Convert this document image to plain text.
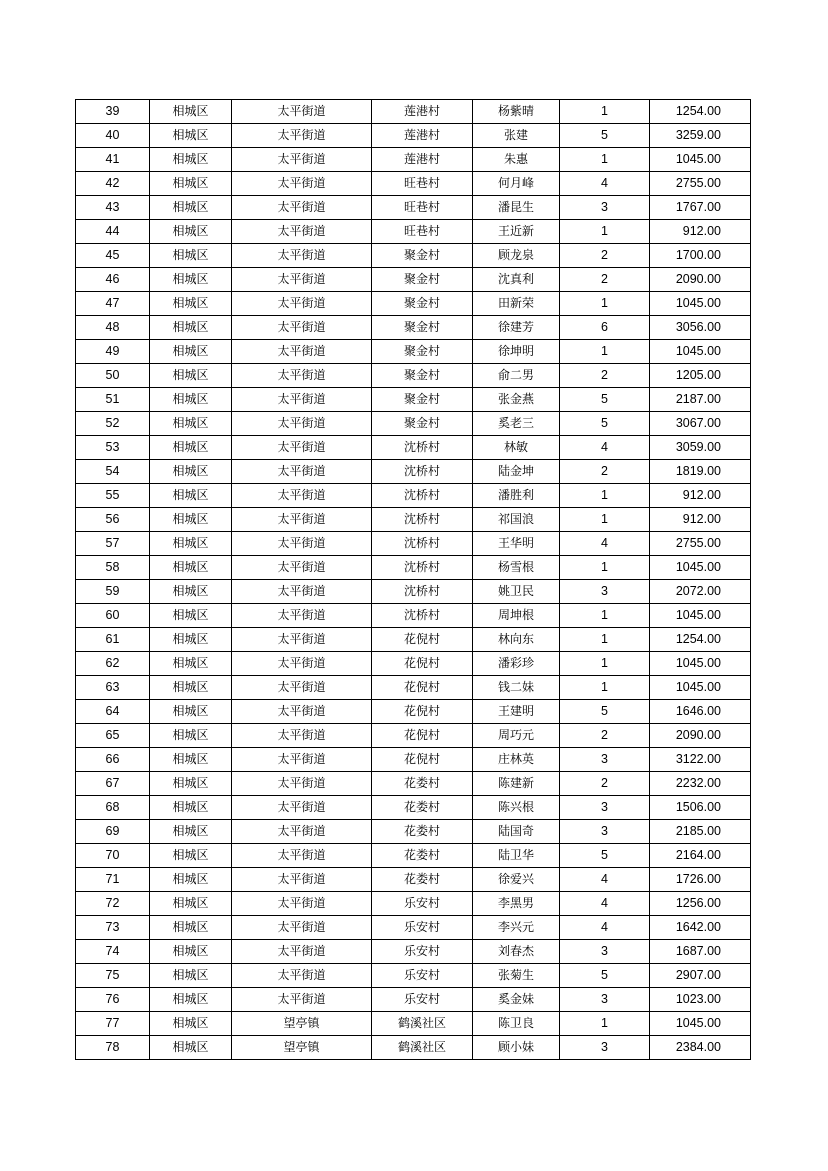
39	相城区	太平街道	莲港村	杨紫晴	1	1254.00
40	相城区	太平街道	莲港村	张建	5	3259.00
41	相城区	太平街道	莲港村	朱惠	1	1045.00
42	相城区	太平街道	旺巷村	何月峰	4	2755.00
43	相城区	太平街道	旺巷村	潘昆生	3	1767.00
44	相城区	太平街道	旺巷村	王近新	1	912.00
45	相城区	太平街道	聚金村	顾龙泉	2	1700.00
46	相城区	太平街道	聚金村	沈真利	2	2090.00
47	相城区	太平街道	聚金村	田新荣	1	1045.00
48	相城区	太平街道	聚金村	徐建芳	6	3056.00
49	相城区	太平街道	聚金村	徐坤明	1	1045.00
50	相城区	太平街道	聚金村	俞二男	2	1205.00
51	相城区	太平街道	聚金村	张金燕	5	2187.00
52	相城区	太平街道	聚金村	奚老三	5	3067.00
53	相城区	太平街道	沈桥村	林敏	4	3059.00
54	相城区	太平街道	沈桥村	陆金坤	2	1819.00
55	相城区	太平街道	沈桥村	潘胜利	1	912.00
56	相城区	太平街道	沈桥村	祁国浪	1	912.00
57	相城区	太平街道	沈桥村	王华明	4	2755.00
58	相城区	太平街道	沈桥村	杨雪根	1	1045.00
59	相城区	太平街道	沈桥村	姚卫民	3	2072.00
60	相城区	太平街道	沈桥村	周坤根	1	1045.00
61	相城区	太平街道	花倪村	林向东	1	1254.00
62	相城区	太平街道	花倪村	潘彩珍	1	1045.00
63	相城区	太平街道	花倪村	钱二妹	1	1045.00
64	相城区	太平街道	花倪村	王建明	5	1646.00
65	相城区	太平街道	花倪村	周巧元	2	2090.00
66	相城区	太平街道	花倪村	庄林英	3	3122.00
67	相城区	太平街道	花娄村	陈建新	2	2232.00
68	相城区	太平街道	花娄村	陈兴根	3	1506.00
69	相城区	太平街道	花娄村	陆国奇	3	2185.00
70	相城区	太平街道	花娄村	陆卫华	5	2164.00
71	相城区	太平街道	花娄村	徐爱兴	4	1726.00
72	相城区	太平街道	乐安村	李黑男	4	1256.00
73	相城区	太平街道	乐安村	李兴元	4	1642.00
74	相城区	太平街道	乐安村	刘春杰	3	1687.00
75	相城区	太平街道	乐安村	张菊生	5	2907.00
76	相城区	太平街道	乐安村	奚金妹	3	1023.00
77	相城区	望亭镇	鹤溪社区	陈卫良	1	1045.00
78	相城区	望亭镇	鹤溪社区	顾小妹	3	2384.00
